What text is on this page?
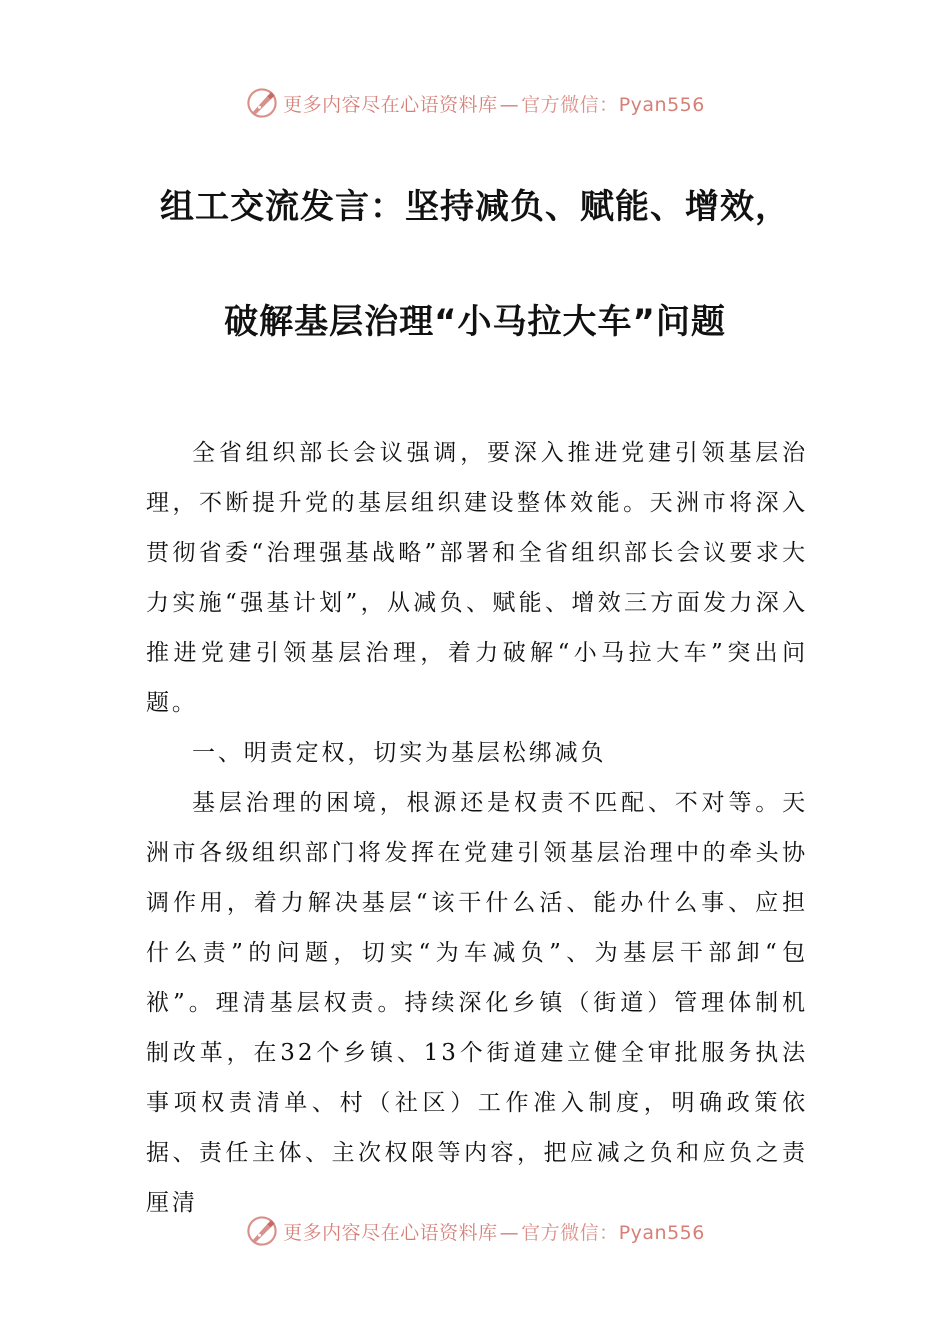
更多内容尽在心语资料库 — 官方微信：Pyan556
组工交流发言：坚持减负、赋能、增效，
破解基层治理“小马拉大车”问题

全省组织部长会议强调，要深入推进党建引领基层治理，不断提升党的基层组织建设整体效能。天洲市将深入贯彻省委“治理强基战略”部署和全省组织部长会议要求大力实施“强基计划”，从减负、赋能、增效三方面发力深入推进党建引领基层治理，着力破解“小马拉大车”突出问题。

一、明责定权，切实为基层松绑减负

基层治理的困境，根源还是权责不匹配、不对等。天洲市各级组织部门将发挥在党建引领基层治理中的牵头协调作用，着力解决基层“该干什么活、能办什么事、应担什么责”的问题，切实“为车减负”、为基层干部卸“包袱”。理清基层权责。持续深化乡镇（街道）管理体制机制改革，在32个乡镇、13个街道建立健全审批服务执法事项权责清单、村（社区）工作准入制度，明确政策依据、责任主体、主次权限等内容，把应减之负和应负之责厘清

更多内容尽在心语资料库 — 官方微信：Pyan556
